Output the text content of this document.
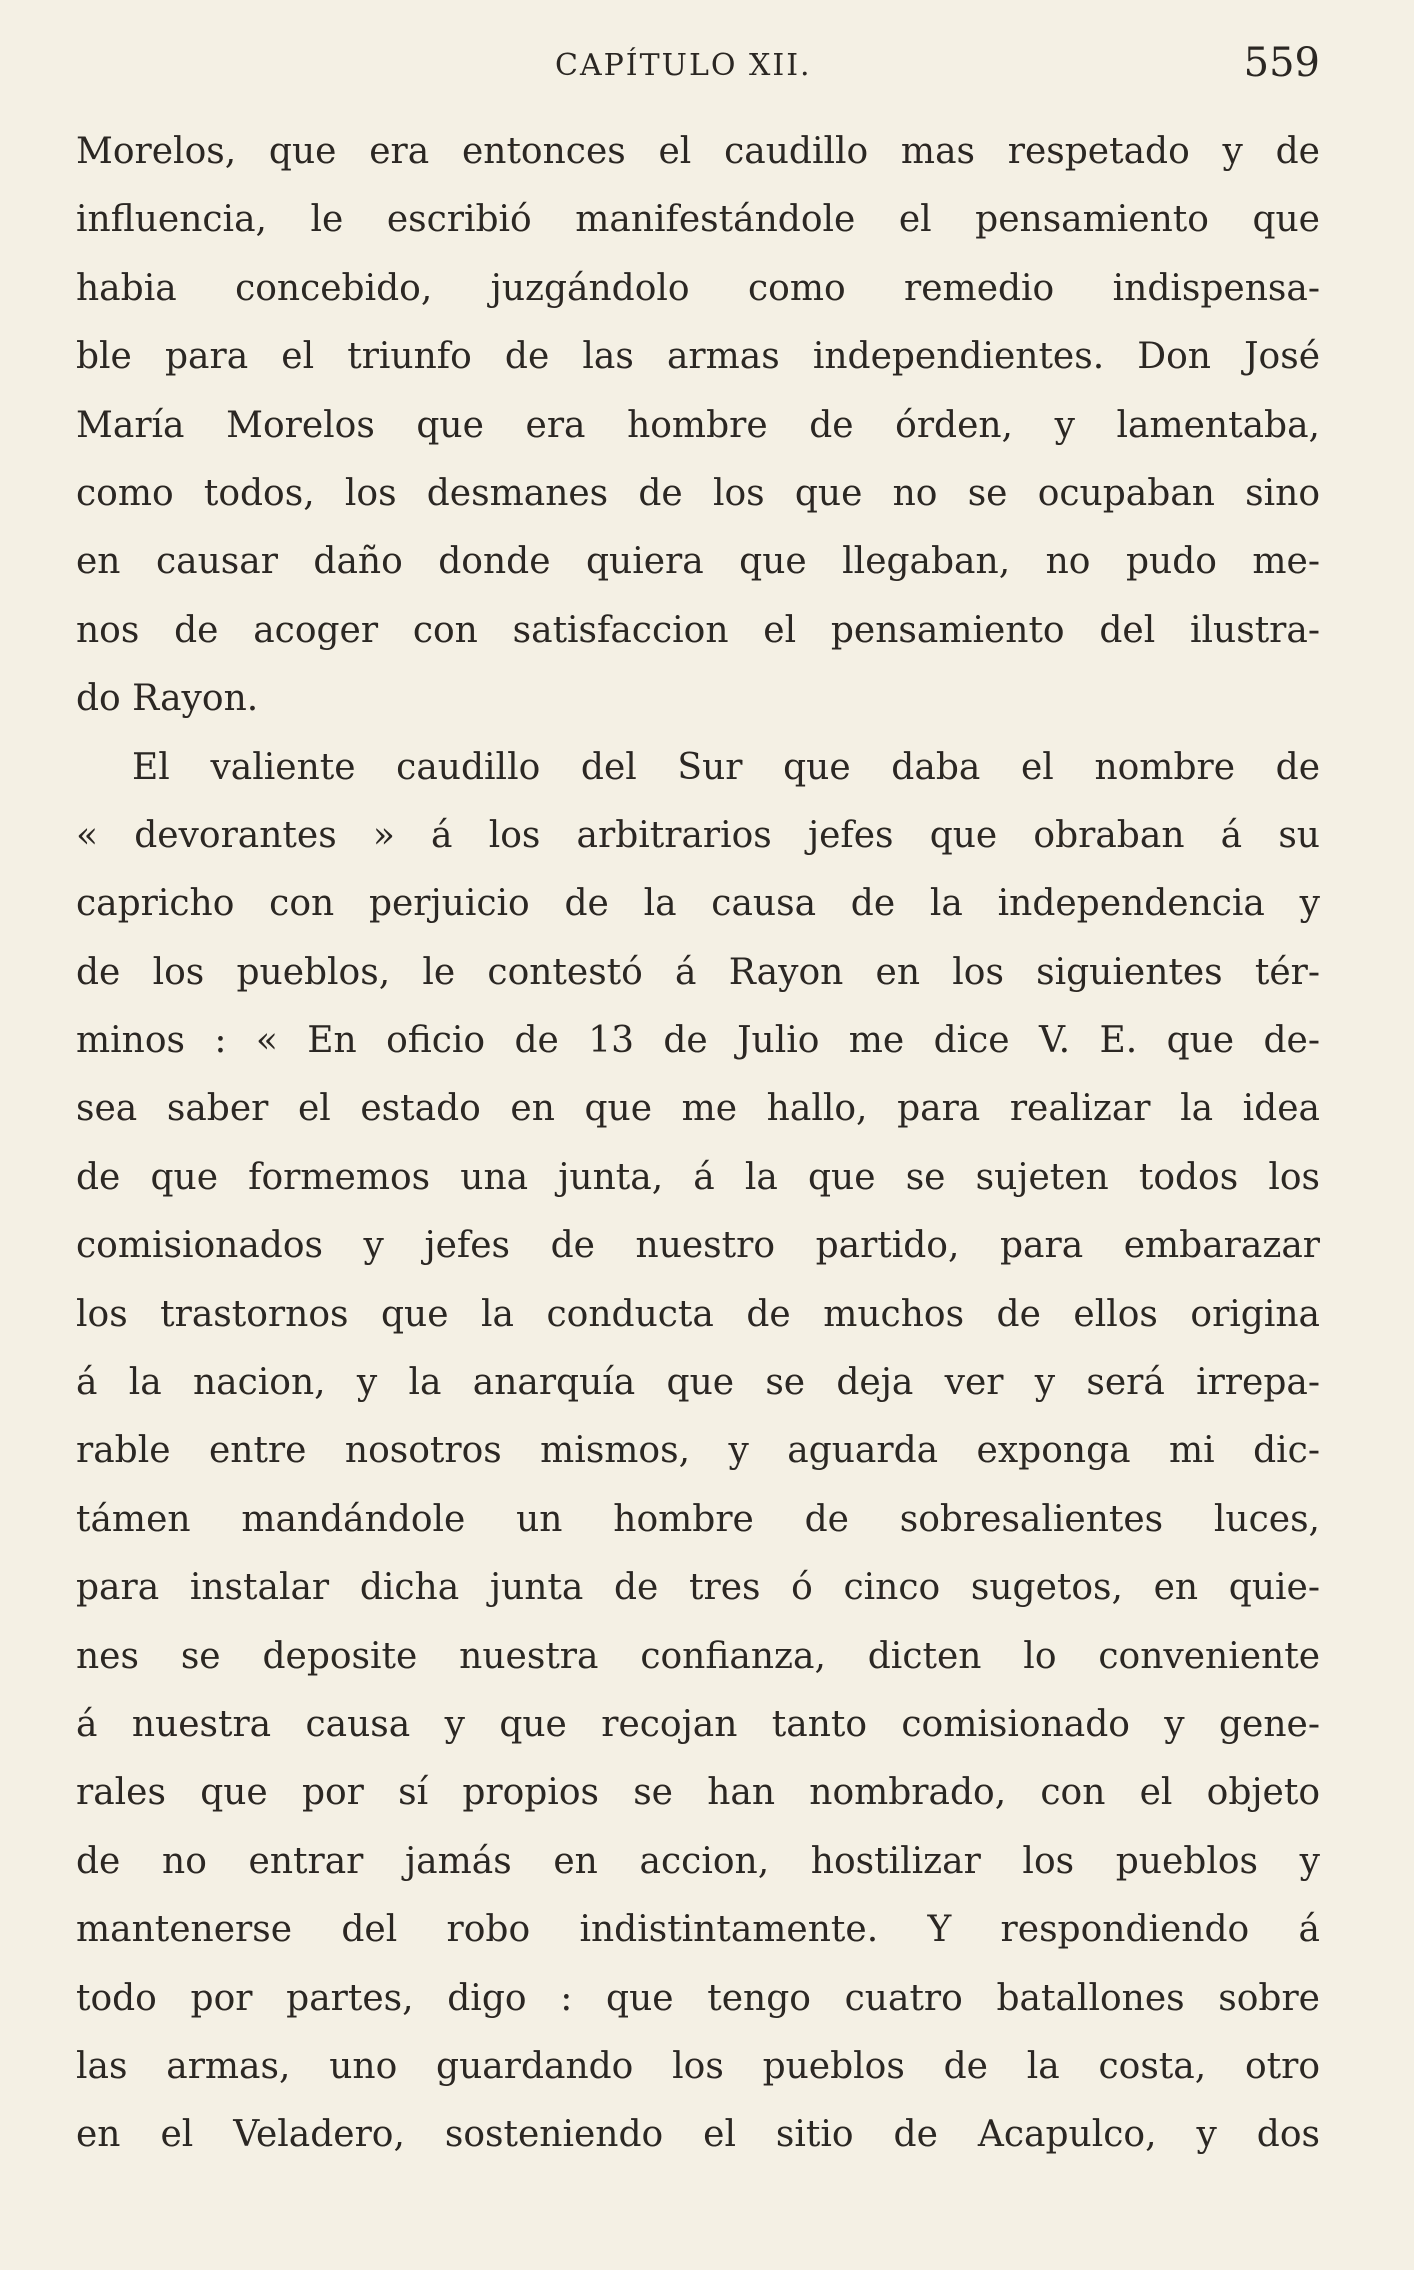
CAPÍTULO XII.	559
Morelos, que era entonces el caudillo mas respetado y de
influencia, le escribió manifestándole el pensamiento que
habia concebido, juzgándolo como remedio indispensa-
ble para el triunfo de las armas independientes. Don José
María Morelos que era hombre de órden, y lamentaba,
como todos, los desmanes de los que no se ocupaban sino
en causar daño donde quiera que llegaban, no pudo me-
nos de acoger con satisfaccion el pensamiento del ilustra-
do Rayon.
El valiente caudillo del Sur que daba el nombre de
« devorantes » á los arbitrarios jefes que obraban á su
capricho con perjuicio de la causa de la independencia y
de los pueblos, le contestó á Rayon en los siguientes tér-
minos : « En oficio de 13 de Julio me dice V. E. que de-
sea saber el estado en que me hallo, para realizar la idea
de que formemos una junta, á la que se sujeten todos los
comisionados y jefes de nuestro partido, para embarazar
los trastornos que la conducta de muchos de ellos origina
á la nacion, y la anarquía que se deja ver y será irrepa-
rable entre nosotros mismos, y aguarda exponga mi dic-
támen mandándole un hombre de sobresalientes luces,
para instalar dicha junta de tres ó cinco sugetos, en quie-
nes se deposite nuestra confianza, dicten lo conveniente
á nuestra causa y que recojan tanto comisionado y gene-
rales que por sí propios se han nombrado, con el objeto
de no entrar jamás en accion, hostilizar los pueblos y
mantenerse del robo indistintamente. Y respondiendo á
todo por partes, digo : que tengo cuatro batallones sobre
las armas, uno guardando los pueblos de la costa, otro
en el Veladero, sosteniendo el sitio de Acapulco, y dos
